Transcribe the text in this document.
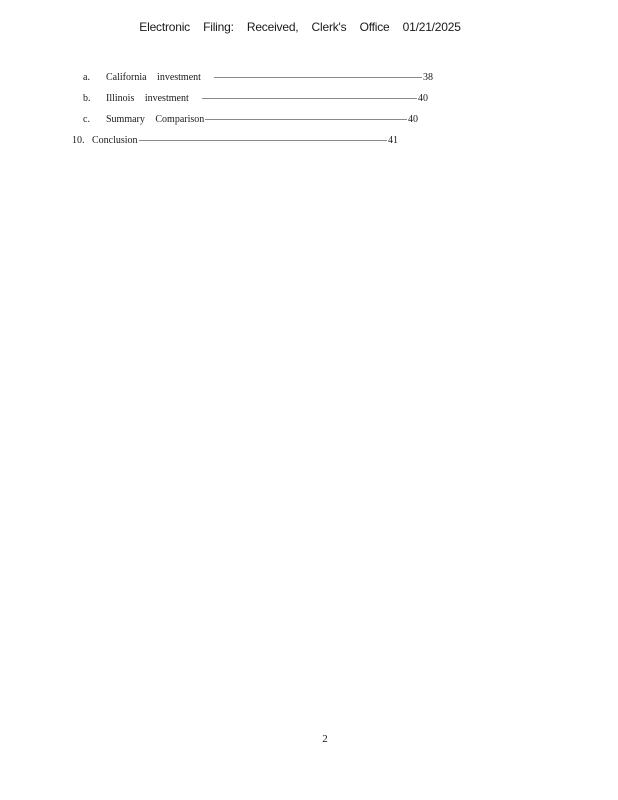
Electronic Filing: Received, Clerk's Office 01/21/2025
a.	California investment	38
b.	Illinois investment	40
c.	Summary Comparison	40
10. Conclusion	41
2
